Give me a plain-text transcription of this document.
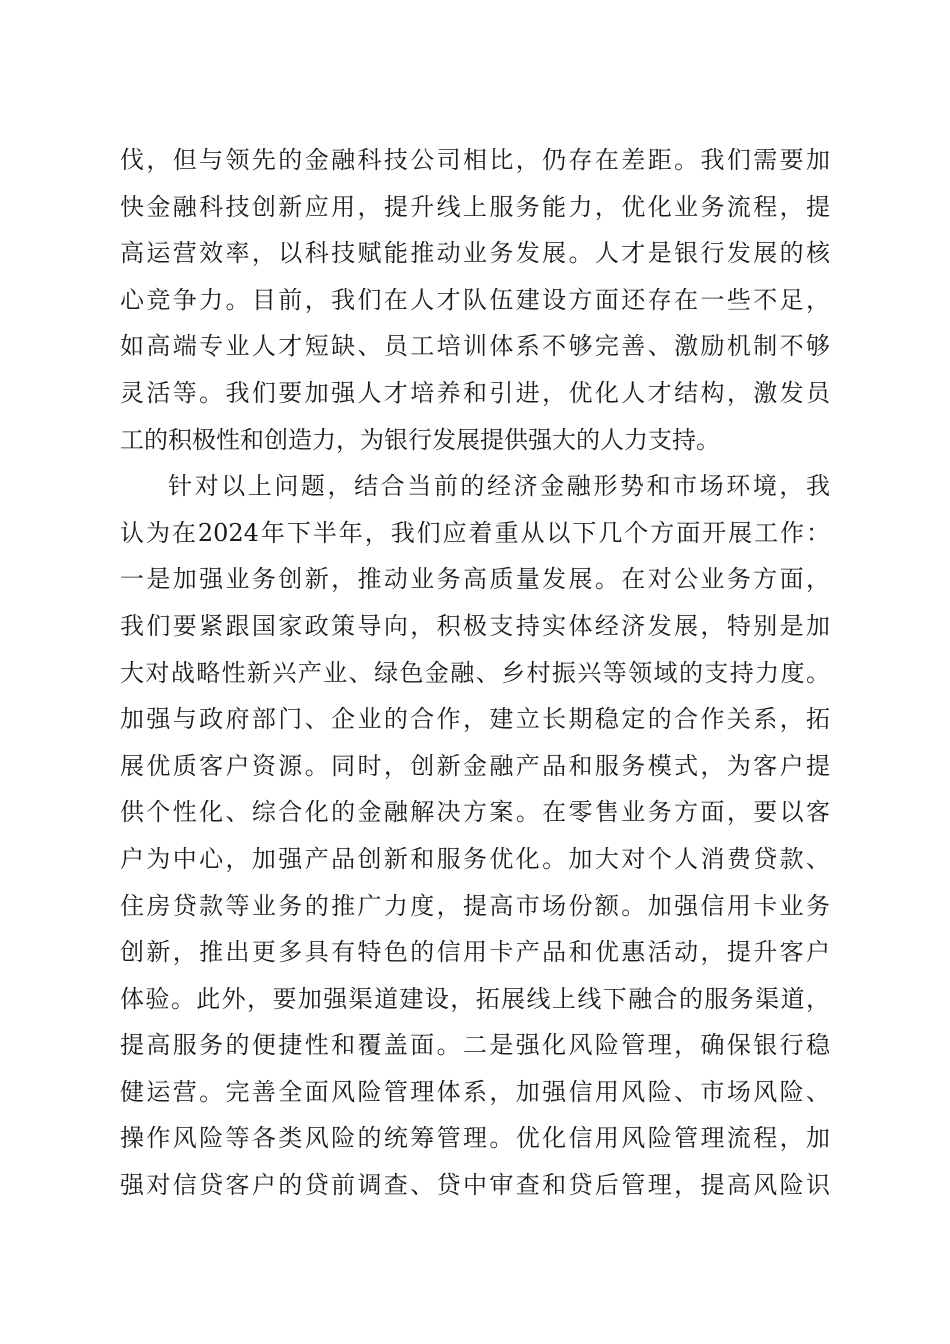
伐，但与领先的金融科技公司相比，仍存在差距。我们需要加
快金融科技创新应用，提升线上服务能力，优化业务流程，提
高运营效率，以科技赋能推动业务发展。人才是银行发展的核
心竞争力。目前，我们在人才队伍建设方面还存在一些不足，
如高端专业人才短缺、员工培训体系不够完善、激励机制不够
灵活等。我们要加强人才培养和引进，优化人才结构，激发员
工的积极性和创造力，为银行发展提供强大的人力支持。
针对以上问题，结合当前的经济金融形势和市场环境，我
认为在2024年下半年，我们应着重从以下几个方面开展工作：
一是加强业务创新，推动业务高质量发展。在对公业务方面，
我们要紧跟国家政策导向，积极支持实体经济发展，特别是加
大对战略性新兴产业、绿色金融、乡村振兴等领域的支持力度。
加强与政府部门、企业的合作，建立长期稳定的合作关系，拓
展优质客户资源。同时，创新金融产品和服务模式，为客户提
供个性化、综合化的金融解决方案。在零售业务方面，要以客
户为中心，加强产品创新和服务优化。加大对个人消费贷款、
住房贷款等业务的推广力度，提高市场份额。加强信用卡业务
创新，推出更多具有特色的信用卡产品和优惠活动，提升客户
体验。此外，要加强渠道建设，拓展线上线下融合的服务渠道，
提高服务的便捷性和覆盖面。二是强化风险管理，确保银行稳
健运营。完善全面风险管理体系，加强信用风险、市场风险、
操作风险等各类风险的统筹管理。优化信用风险管理流程，加
强对信贷客户的贷前调查、贷中审查和贷后管理，提高风险识
